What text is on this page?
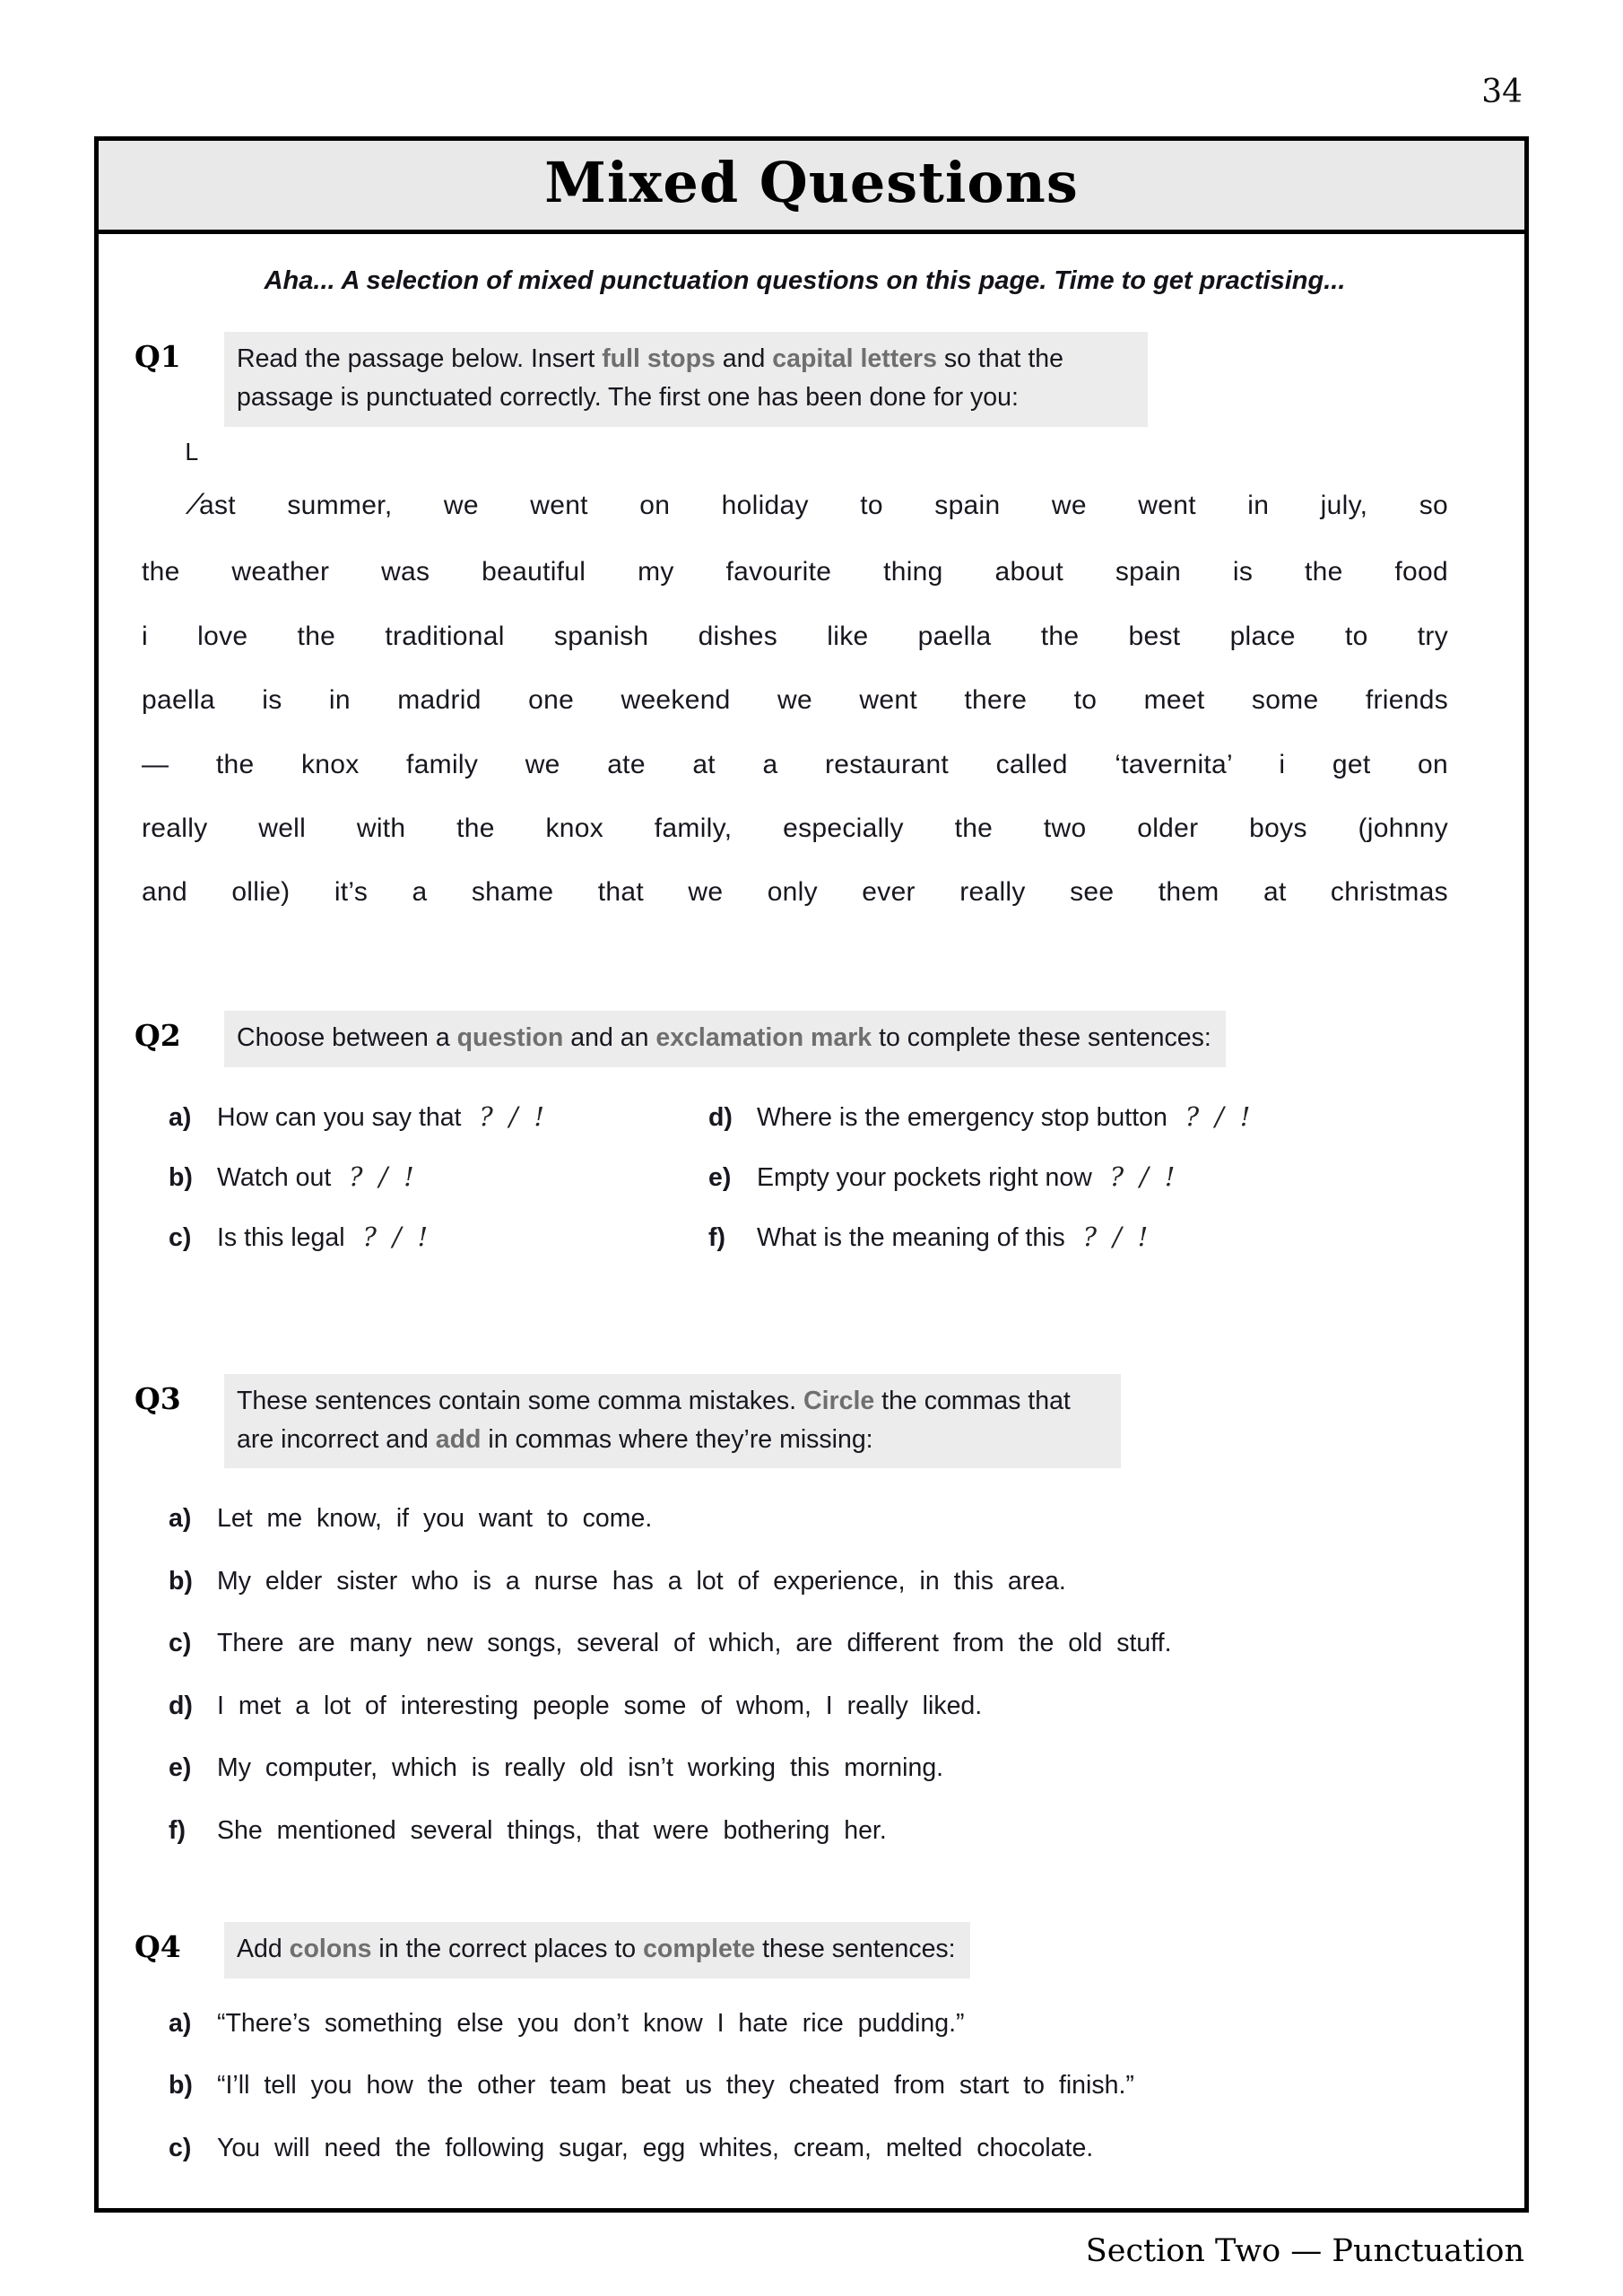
34
Mixed Questions
Aha... A selection of mixed punctuation questions on this page. Time to get practising...
Q1	Read the passage below. Insert full stops and capital letters so that the passage is punctuated correctly. The first one has been done for you:
L
∕ast summer, we went on holiday to spain we went in july, so
the weather was beautiful my favourite thing about spain is the food
i love the traditional spanish dishes like paella the best place to try
paella is in madrid one weekend we went there to meet some friends
— the knox family we ate at a restaurant called ‘tavernita’ i get on
really well with the knox family, especially the two older boys (johnny
and ollie) it’s a shame that we only ever really see them at christmas
Q2	Choose between a question and an exclamation mark to complete these sentences:
a) How can you say that ? / !
b) Watch out ? / !
c) Is this legal ? / !
d) Where is the emergency stop button ? / !
e) Empty your pockets right now ? / !
f) What is the meaning of this ? / !
Q3	These sentences contain some comma mistakes. Circle the commas that are incorrect and add in commas where they’re missing:
a) Let me know, if you want to come.
b) My elder sister who is a nurse has a lot of experience, in this area.
c) There are many new songs, several of which, are different from the old stuff.
d) I met a lot of interesting people some of whom, I really liked.
e) My computer, which is really old isn’t working this morning.
f) She mentioned several things, that were bothering her.
Q4	Add colons in the correct places to complete these sentences:
a) “There’s something else you don’t know I hate rice pudding.”
b) “I’ll tell you how the other team beat us they cheated from start to finish.”
c) You will need the following sugar, egg whites, cream, melted chocolate.
Section Two — Punctuation
